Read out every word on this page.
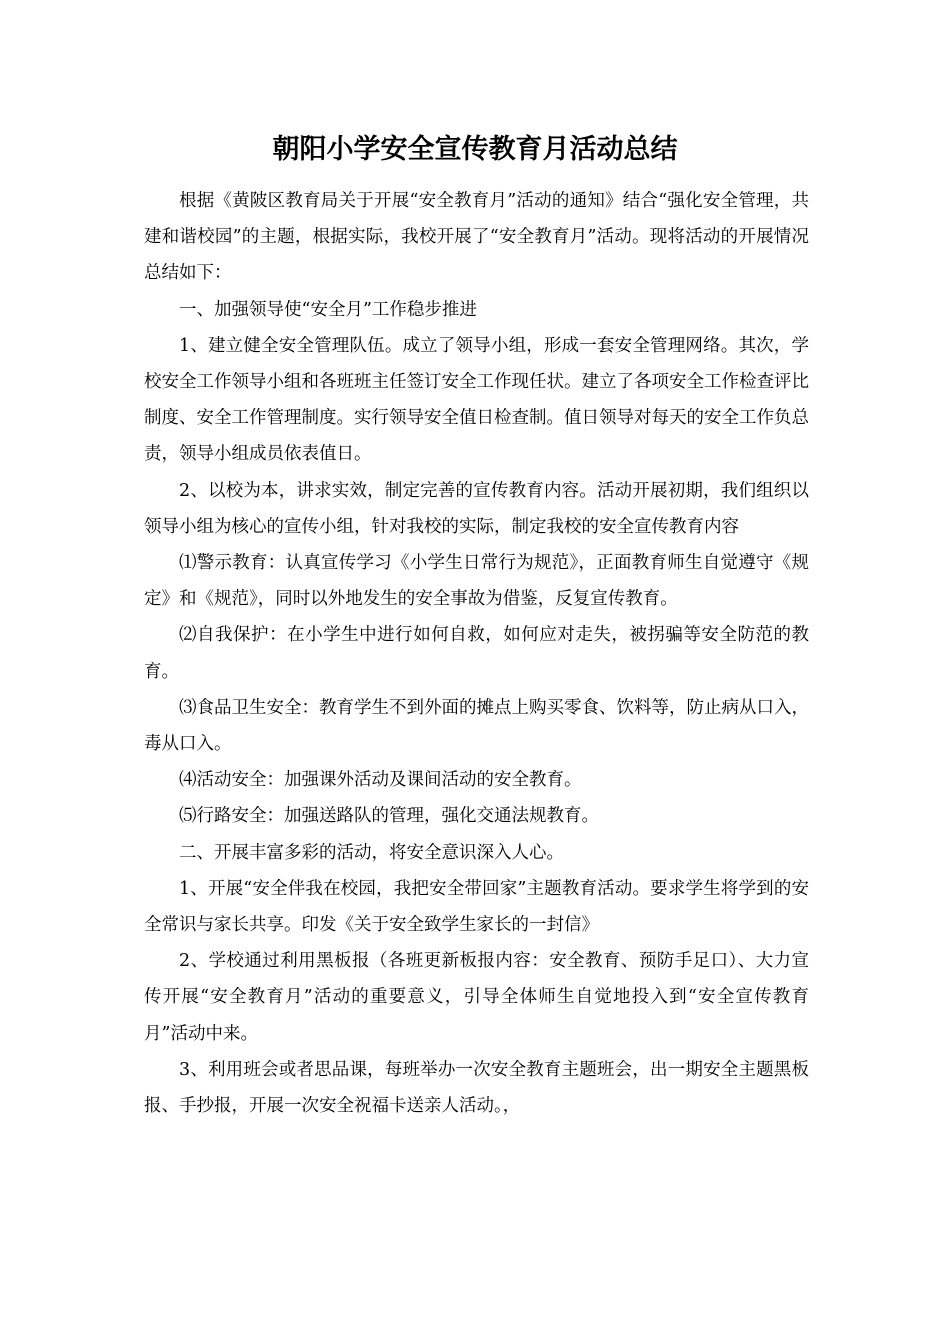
朝阳小学安全宣传教育月活动总结

根据《黄陂区教育局关于开展“安全教育月”活动的通知》结合“强化安全管理，共建和谐校园”的主题，根据实际，我校开展了“安全教育月”活动。现将活动的开展情况总结如下：

一、加强领导使“安全月”工作稳步推进

1、建立健全安全管理队伍。成立了领导小组，形成一套安全管理网络。其次，学校安全工作领导小组和各班班主任签订安全工作现任状。建立了各项安全工作检查评比制度、安全工作管理制度。实行领导安全值日检查制。值日领导对每天的安全工作负总责，领导小组成员依表值日。

2、以校为本，讲求实效，制定完善的宣传教育内容。活动开展初期，我们组织以领导小组为核心的宣传小组，针对我校的实际，制定我校的安全宣传教育内容

⑴警示教育：认真宣传学习《小学生日常行为规范》，正面教育师生自觉遵守《规定》和《规范》，同时以外地发生的安全事故为借鉴，反复宣传教育。

⑵自我保护：在小学生中进行如何自救，如何应对走失，被拐骗等安全防范的教育。

⑶食品卫生安全：教育学生不到外面的摊点上购买零食、饮料等，防止病从口入，毒从口入。

⑷活动安全：加强课外活动及课间活动的安全教育。

⑸行路安全：加强送路队的管理，强化交通法规教育。

二、开展丰富多彩的活动，将安全意识深入人心。

1、开展“安全伴我在校园，我把安全带回家”主题教育活动。要求学生将学到的安全常识与家长共享。印发《关于安全致学生家长的一封信》

2、学校通过利用黑板报（各班更新板报内容：安全教育、预防手足口）、大力宣传开展“安全教育月”活动的重要意义，引导全体师生自觉地投入到“安全宣传教育月”活动中来。

3、利用班会或者思品课，每班举办一次安全教育主题班会，出一期安全主题黑板报、手抄报，开展一次安全祝福卡送亲人活动。，
